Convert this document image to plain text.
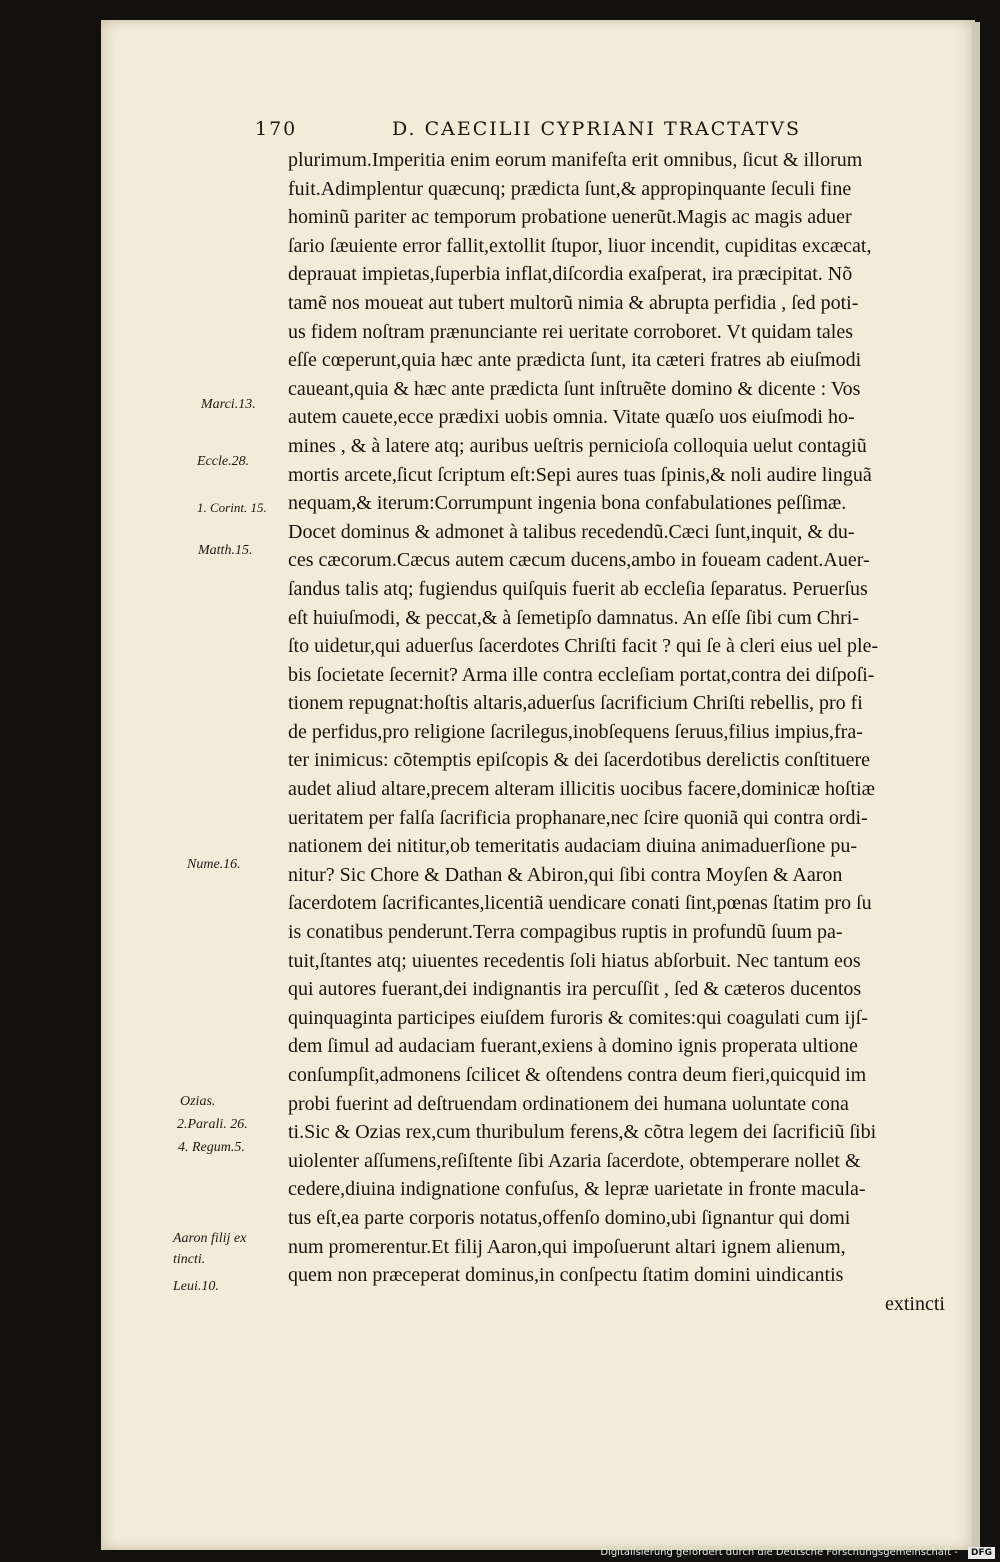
170	D. CAECILII CYPRIANI TRACTATVS
plurimum.Imperitia enim eorum manifeſta erit omnibus, ſicut & illorum
fuit.Adimplentur quæcunq; prædicta ſunt,& appropinquante ſeculi fine
hominũ pariter ac temporum probatione uenerũt.Magis ac magis aduer
ſario ſæuiente error fallit,extollit ſtupor, liuor incendit, cupiditas excæcat,
deprauat impietas,ſuperbia inflat,diſcordia exaſperat, ira præcipitat. Nõ
tamẽ nos moueat aut tubert multorũ nimia & abrupta perfidia , ſed poti-
us fidem noſtram prænunciante rei ueritate corroboret. Vt quidam tales
eſſe cœperunt,quia hæc ante prædicta ſunt, ita cæteri fratres ab eiuſmodi
caueant,quia & hæc ante prædicta ſunt inſtruẽte domino & dicente : Vos
autem cauete,ecce prædixi uobis omnia. Vitate quæſo uos eiuſmodi ho-
mines , & à latere atq; auribus ueſtris pernicioſa colloquia uelut contagiũ
mortis arcete,ſicut ſcriptum eſt:Sepi aures tuas ſpinis,& noli audire linguã
nequam,& iterum:Corrumpunt ingenia bona confabulationes peſſimæ.
Docet dominus & admonet à talibus recedendũ.Cæci ſunt,inquit, & du-
ces cæcorum.Cæcus autem cæcum ducens,ambo in foueam cadent.Auer-
ſandus talis atq; fugiendus quiſquis fuerit ab eccleſia ſeparatus. Peruerſus
eſt huiuſmodi, & peccat,& à ſemetipſo damnatus. An eſſe ſibi cum Chri-
ſto uidetur,qui aduerſus ſacerdotes Chriſti facit ? qui ſe à cleri eius uel ple-
bis ſocietate ſecernit? Arma ille contra eccleſiam portat,contra dei diſpoſi-
tionem repugnat:hoſtis altaris,aduerſus ſacrificium Chriſti rebellis, pro fi
de perfidus,pro religione ſacrilegus,inobſequens ſeruus,filius impius,fra-
ter inimicus: cõtemptis epiſcopis & dei ſacerdotibus derelictis conſtituere
audet aliud altare,precem alteram illicitis uocibus facere,dominicæ hoſtiæ
ueritatem per falſa ſacrificia prophanare,nec ſcire quoniã qui contra ordi-
nationem dei nititur,ob temeritatis audaciam diuina animaduerſione pu-
nitur? Sic Chore & Dathan & Abiron,qui ſibi contra Moyſen & Aaron
ſacerdotem ſacrificantes,licentiã uendicare conati ſint,pœnas ſtatim pro ſu
is conatibus penderunt.Terra compagibus ruptis in profundũ ſuum pa-
tuit,ſtantes atq; uiuentes recedentis ſoli hiatus abſorbuit. Nec tantum eos
qui autores fuerant,dei indignantis ira percuſſit , ſed & cæteros ducentos
quinquaginta participes eiuſdem furoris & comites:qui coagulati cum ijſ-
dem ſimul ad audaciam fuerant,exiens à domino ignis properata ultione
conſumpſit,admonens ſcilicet & oſtendens contra deum fieri,quicquid im
probi fuerint ad deſtruendam ordinationem dei humana uoluntate cona
ti.Sic & Ozias rex,cum thuribulum ferens,& cõtra legem dei ſacrificiũ ſibi
uiolenter aſſumens,reſiſtente ſibi Azaria ſacerdote, obtemperare nollet &
cedere,diuina indignatione confuſus, & lepræ uarietate in fronte macula-
tus eſt,ea parte corporis notatus,offenſo domino,ubi ſignantur qui domi
num promerentur.Et filij Aaron,qui impoſuerunt altari ignem alienum,
quem non præceperat dominus,in conſpectu ſtatim domini uindicantis
extincti
Marci.13.
Eccle.28.
1. Corint. 15.
Matth.15.
Nume.16.
Ozias.
2.Parali. 26.
4. Regum.5.
Aaron filij ex
tincti.
Leui.10.
Digitalisierung gefördert durch die Deutsche Forschungsgemeinschaft -	DFG
